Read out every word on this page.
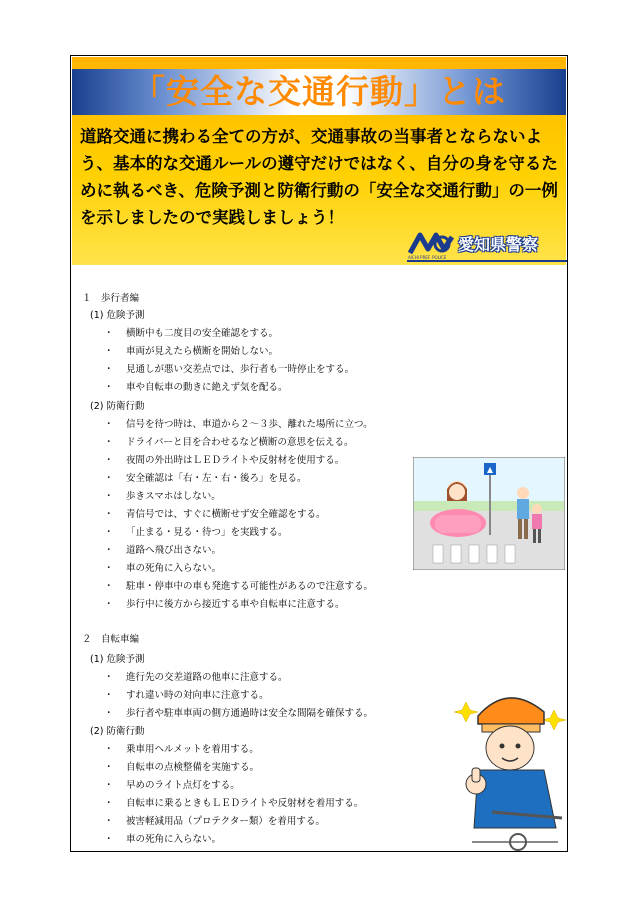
「安全な交通行動」とは
道路交通に携わる全ての方が、交通事故の当事者とならないよう、基本的な交通ルールの遵守だけではなく、自分の身を守るために執るべき、危険予測と防衛行動の「安全な交通行動」の一例を示しましたので実践しましょう！
愛知県警察
AICHI PREF. POLICE
１　歩行者編
(1) 危険予測
・ 横断中も二度目の安全確認をする。
・ 車両が見えたら横断を開始しない。
・ 見通しが悪い交差点では、歩行者も一時停止をする。
・ 車や自転車の動きに絶えず気を配る。
(2) 防衛行動
・ 信号を待つ時は、車道から２～３歩、離れた場所に立つ。
・ ドライバーと目を合わせるなど横断の意思を伝える。
・ 夜間の外出時はＬＥＤライトや反射材を使用する。
・ 安全確認は「右・左・右・後ろ」を見る。
・ 歩きスマホはしない。
・ 青信号では、すぐに横断せず安全確認をする。
・ 「止まる・見る・待つ」を実践する。
・ 道路へ飛び出さない。
・ 車の死角に入らない。
・ 駐車・停車中の車も発進する可能性があるので注意する。
・ 歩行中に後方から接近する車や自転車に注意する。
２　自転車編
(1) 危険予測
・ 進行先の交差道路の他車に注意する。
・ すれ違い時の対向車に注意する。
・ 歩行者や駐車車両の側方通過時は安全な間隔を確保する。
(2) 防衛行動
・ 乗車用ヘルメットを着用する。
・ 自転車の点検整備を実施する。
・ 早めのライト点灯をする。
・ 自転車に乗るときもＬＥＤライトや反射材を着用する。
・ 被害軽減用品（プロテクター類）を着用する。
・ 車の死角に入らない。
